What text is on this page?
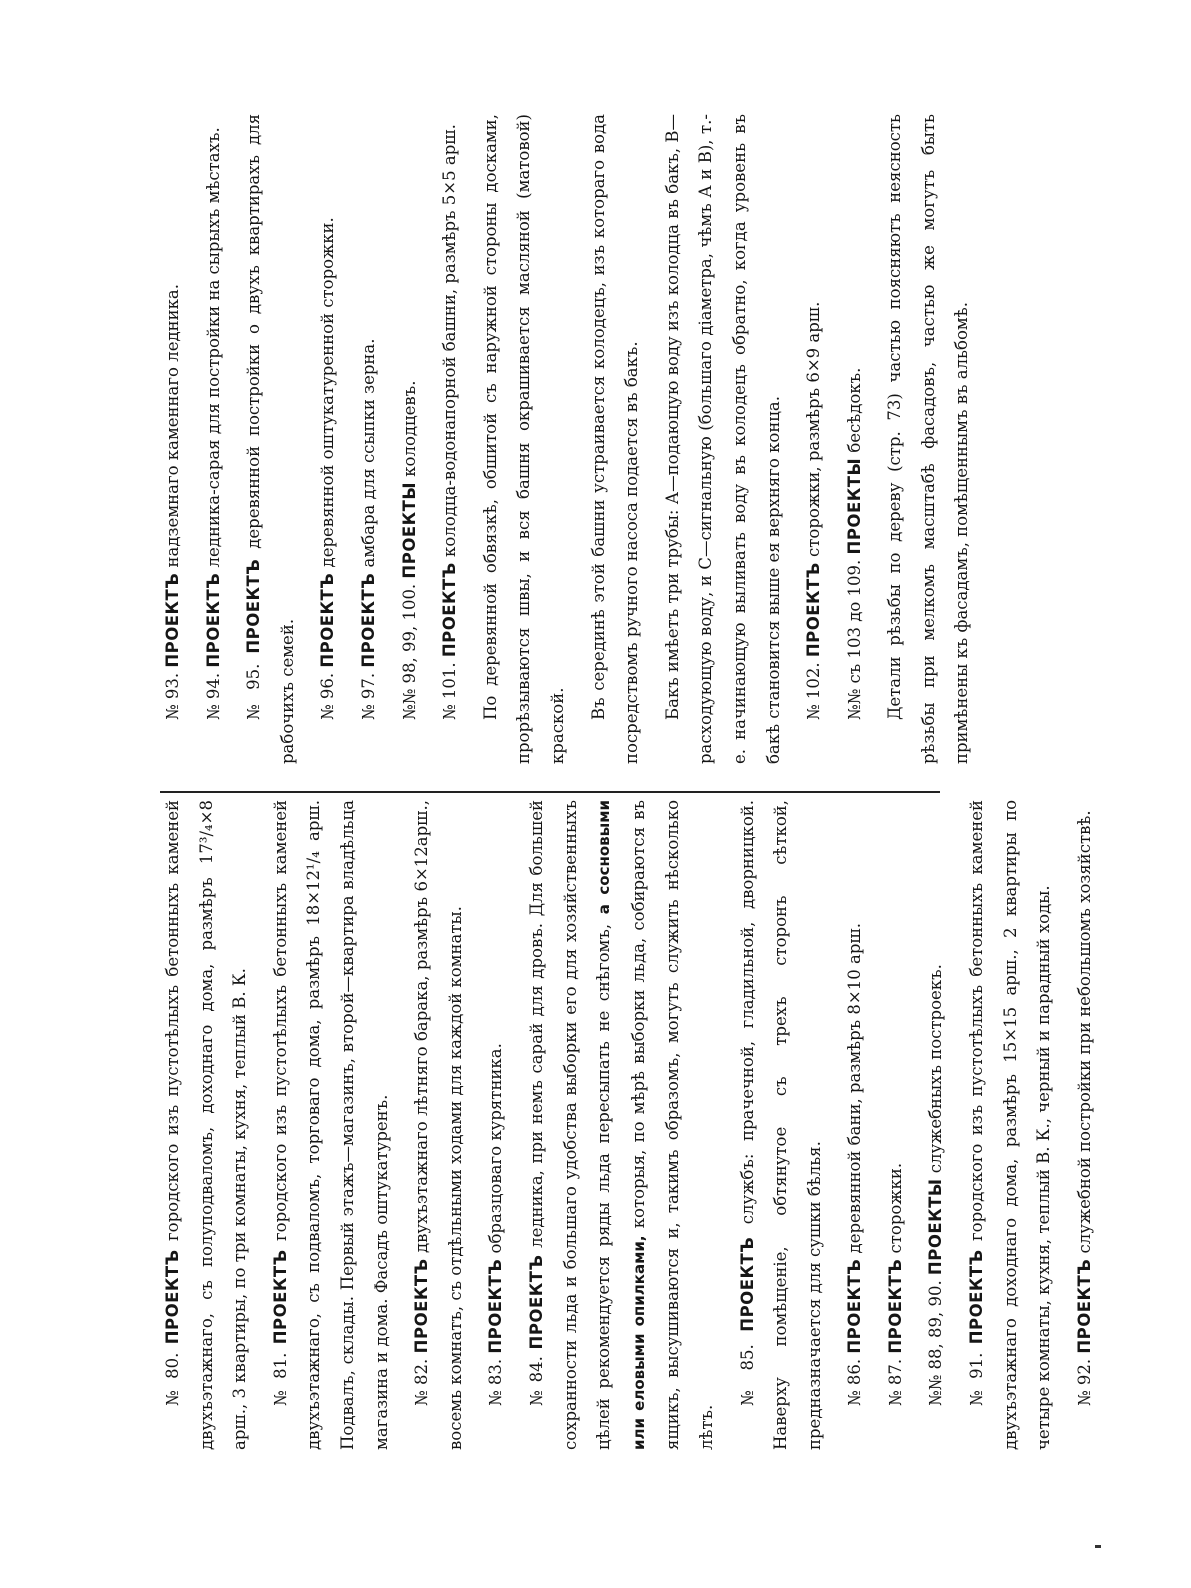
№ 80. ПРОЕКТЪ городского изъ пустотѣлыхъ бетонныхъ каменей двухъэтажнаго, съ полуподваломъ, доходнаго дома, размѣръ 17³/₄×8 арш., 3 квартиры, по три комнаты, кухня, теплый В. К.	№ 81. ПРОЕКТЪ городского изъ пустотѣлыхъ бетонныхъ каменей двухъэтажнаго, съ подваломъ, торговаго дома, размѣръ 18×12¹/₄ арш. Подвалъ, склады. Первый этажъ—магазинъ, второй—квартира владѣльца магазина и дома. Фасадъ оштукатуренъ.	№ 82. ПРОЕКТЪ двухъэтажнаго лѣтняго барака, размѣръ 6×12арш., восемь комнатъ, съ отдѣльными ходами для каждой комнаты.	№ 83. ПРОЕКТЪ образцоваго курятника.

№ 84. ПРОЕКТЪ ледника, при немъ сарай для дровъ. Для большей сохранности льда и большаго удобства выборки его для хозяйственныхъ цѣлей рекомендуется ряды льда пересыпать не снѣгомъ, а сосновыми или еловыми опилками, которыя, по мѣрѣ выборки льда, собираются въ ящикъ, высушиваются и, такимъ образомъ, могутъ служить нѣсколько лѣтъ.

№ 85. ПРОЕКТЪ службъ: прачечной, гладильной, дворницкой. Наверху помѣщеніе, обтянутое съ трехъ сторонъ сѣткой, предназначается для сушки бѣлья.	№ 86. ПРОЕКТЪ деревянной бани, размѣръ 8×10 арш.

№ 87. ПРОЕКТЪ сторожки.

№№ 88, 89, 90. ПРОЕКТЫ служебныхъ построекъ.

№ 91. ПРОЕКТЪ городского изъ пустотѣлыхъ бетонныхъ каменей двухъэтажнаго доходнаго дома, размѣръ 15×15 арш., 2 квартиры по четыре комнаты, кухня, теплый В. К., черный и парадный ходы.	№ 92. ПРОЕКТЪ служебной постройки при небольшомъ хозяйствѣ.

№ 93. ПРОЕКТЪ надземнаго каменнаго ледника.

№ 94. ПРОЕКТЪ ледника-сарая для постройки на сырыхъ мѣстахъ.

№ 95. ПРОЕКТЪ деревянной постройки о двухъ квартирахъ для рабочихъ семей.	№ 96. ПРОЕКТЪ деревянной оштукатуренной сторожки.

№ 97. ПРОЕКТЪ амбара для ссыпки зерна.

№№ 98, 99, 100. ПРОЕКТЫ колодцевъ.

№ 101. ПРОЕКТЪ колодца-водонапорной башни, размѣръ 5×5 арш.	По деревянной обвязкѣ, обшитой съ наружной стороны досками, прорѣзываются швы, и вся башня окрашивается масляной (матовой) краской.

Въ серединѣ этой башни устраивается колодецъ, изъ котораго вода посредствомъ ручного насоса подается въ бакъ.	Бакъ имѣетъ три трубы: А—подающую воду изъ колодца въ бакъ, В—расходующую воду, и С—сигнальную (большаго діаметра, чѣмъ А и В), т.-е. начинающую выливать воду въ колодецъ обратно, когда уровень въ бакѣ становится выше ея верхняго конца.	№ 102. ПРОЕКТЪ сторожки, размѣръ 6×9 арш.

№№ съ 103 до 109. ПРОЕКТЫ бесѣдокъ.	Детали рѣзьбы по дереву (стр. 73) частью поясняютъ неясность рѣзьбы при мелкомъ масштабѣ фасадовъ, частью же могутъ быть примѣнены къ фасадамъ, помѣщеннымъ въ альбомѣ.
